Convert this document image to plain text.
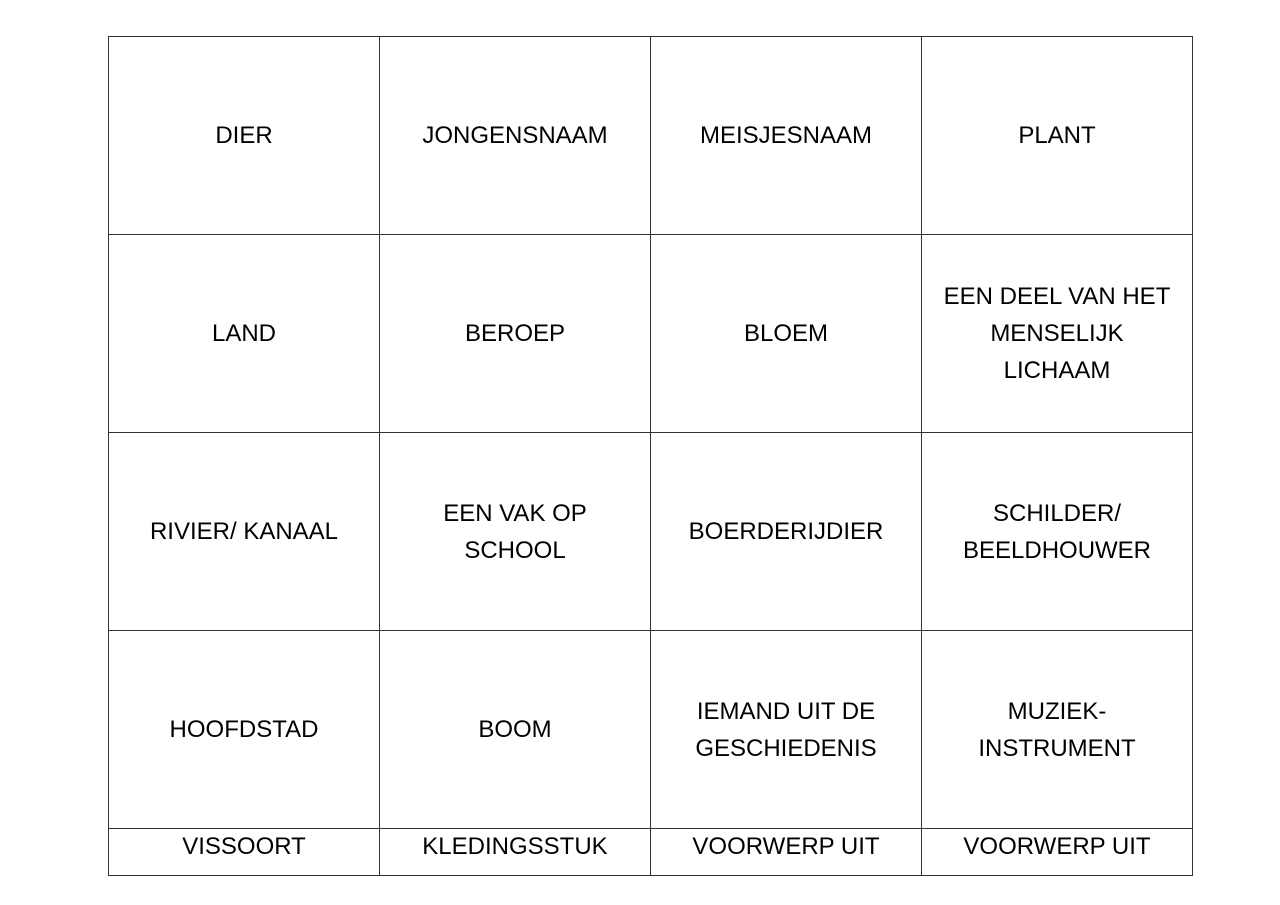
DIER	JONGENSNAAM	MEISJESNAAM	PLANT
LAND	BEROEP	BLOEM	EEN DEEL VAN HET MENSELIJK LICHAAM
RIVIER/ KANAAL	EEN VAK OP SCHOOL	BOERDERIJDIER	SCHILDER/ BEELDHOUWER
HOOFDSTAD	BOOM	IEMAND UIT DE GESCHIEDENIS	MUZIEK-INSTRUMENT
VISSOORT	KLEDINGSSTUK	VOORWERP UIT	VOORWERP UIT
